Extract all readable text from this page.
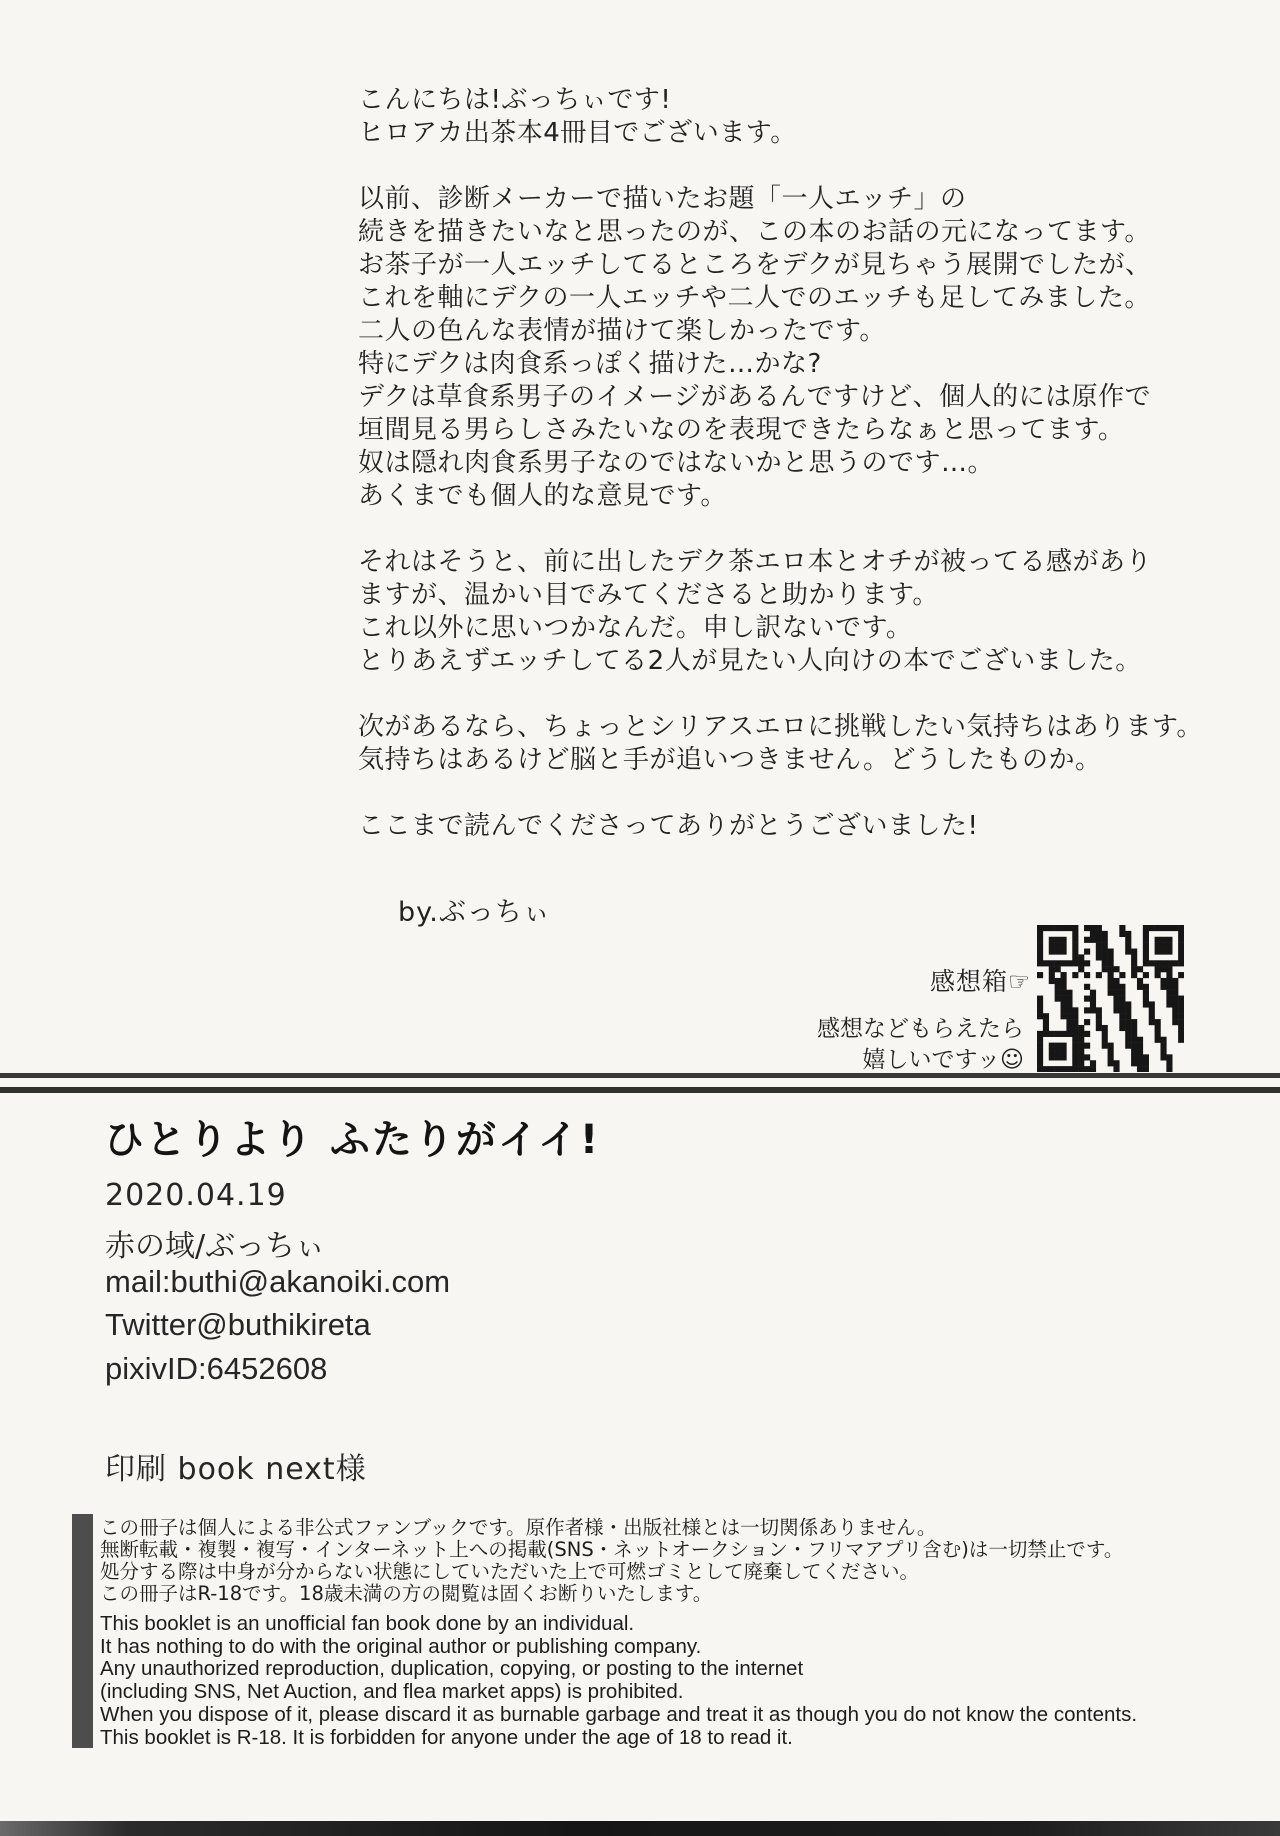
こんにちは!ぶっちぃです!
ヒロアカ出茶本4冊目でございます。

以前、診断メーカーで描いたお題「一人エッチ」の
続きを描きたいなと思ったのが、この本のお話の元になってます。
お茶子が一人エッチしてるところをデクが見ちゃう展開でしたが、
これを軸にデクの一人エッチや二人でのエッチも足してみました。
二人の色んな表情が描けて楽しかったです。
特にデクは肉食系っぽく描けた…かな?
デクは草食系男子のイメージがあるんですけど、個人的には原作で
垣間見る男らしさみたいなのを表現できたらなぁと思ってます。
奴は隠れ肉食系男子なのではないかと思うのです…。
あくまでも個人的な意見です。

それはそうと、前に出したデク茶エロ本とオチが被ってる感があり
ますが、温かい目でみてくださると助かります。
これ以外に思いつかなんだ。申し訳ないです。
とりあえずエッチしてる2人が見たい人向けの本でございました。

次があるなら、ちょっとシリアスエロに挑戦したい気持ちはあります。
気持ちはあるけど脳と手が追いつきません。どうしたものか。

ここまで読んでくださってありがとうございました!
by.ぶっちぃ
感想箱☞
感想などもらえたら
嬉しいですッ☺
ひとりより ふたりがイイ!
2020.04.19
赤の域/ぶっちぃ
mail:buthi@akanoiki.com
Twitter@buthikireta
pixivID:6452608
印刷 book next様
この冊子は個人による非公式ファンブックです。原作者様・出版社様とは一切関係ありません。
無断転載・複製・複写・インターネット上への掲載(SNS・ネットオークション・フリマアプリ含む)は一切禁止です。
処分する際は中身が分からない状態にしていただいた上で可燃ゴミとして廃棄してください。
この冊子はR-18です。18歳未満の方の閲覧は固くお断りいたします。
This booklet is an unofficial fan book done by an individual.
It has nothing to do with the original author or publishing company.
Any unauthorized reproduction, duplication, copying, or posting to the internet
(including SNS, Net Auction, and flea market apps) is prohibited.
When you dispose of it, please discard it as burnable garbage and treat it as though you do not know the contents.
This booklet is R-18. It is forbidden for anyone under the age of 18 to read it.
